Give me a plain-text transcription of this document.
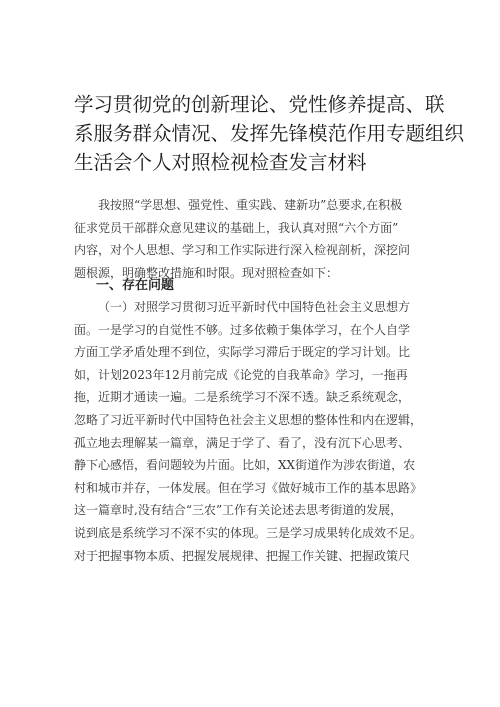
学习贯彻党的创新理论、党性修养提高、联
系服务群众情况、发挥先锋模范作用专题组织
生活会个人对照检视检查发言材料
我按照“学思想、强党性、重实践、建新功”总要求,在积极
征求党员干部群众意见建议的基础上，我认真对照“六个方面”
内容，对个人思想、学习和工作实际进行深入检视剖析，深挖问
题根源，明确整改措施和时限。现对照检查如下：
一、存在问题
（一）对照学习贯彻习近平新时代中国特色社会主义思想方
面。一是学习的自觉性不够。过多依赖于集体学习，在个人自学
方面工学矛盾处理不到位，实际学习滞后于既定的学习计划。比
如，计划2023年12月前完成《论党的自我革命》学习，一拖再
拖，近期才通读一遍。二是系统学习不深不透。缺乏系统观念，
忽略了习近平新时代中国特色社会主义思想的整体性和内在逻辑，
孤立地去理解某一篇章，满足于学了、看了，没有沉下心思考、
静下心感悟，看问题较为片面。比如，XX街道作为涉农街道，农
村和城市并存，一体发展。但在学习《做好城市工作的基本思路》
这一篇章时,没有结合“三农”工作有关论述去思考街道的发展，
说到底是系统学习不深不实的体现。三是学习成果转化成效不足。
对于把握事物本质、把握发展规律、把握工作关键、把握政策尺
